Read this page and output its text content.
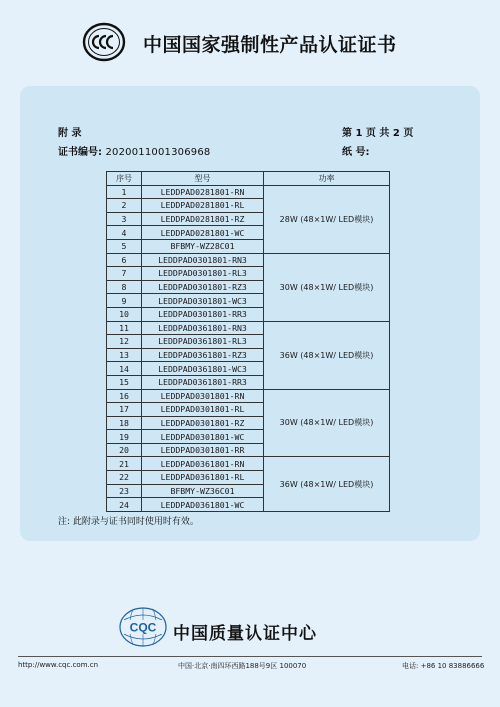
中国国家强制性产品认证证书
附 录	第 1 页 共 2 页
证书编号: 2020011001306968	纸 号:
序号	型号	功率
1	LEDDPAD0281801-RN	28W (48×1W/ LED模块)
2	LEDDPAD0281801-RL	
3	LEDDPAD0281801-RZ	
4	LEDDPAD0281801-WC	
5	BFBMY-WZ28C01	
6	LEDDPAD0301801-RN3	30W (48×1W/ LED模块)
7	LEDDPAD0301801-RL3	
8	LEDDPAD0301801-RZ3	
9	LEDDPAD0301801-WC3	
10	LEDDPAD0301801-RR3	
11	LEDDPAD0361801-RN3	36W (48×1W/ LED模块)
12	LEDDPAD0361801-RL3	
13	LEDDPAD0361801-RZ3	
14	LEDDPAD0361801-WC3	
15	LEDDPAD0361801-RR3	
16	LEDDPAD0301801-RN	30W (48×1W/ LED模块)
17	LEDDPAD0301801-RL	
18	LEDDPAD0301801-RZ	
19	LEDDPAD0301801-WC	
20	LEDDPAD0301801-RR	
21	LEDDPAD0361801-RN	36W (48×1W/ LED模块)
22	LEDDPAD0361801-RL	
23	BFBMY-WZ36C01	
24	LEDDPAD0361801-WC	
注: 此附录与证书同时使用时有效。
CQC 中国质量认证中心
http://www.cqc.com.cn	中国·北京·南四环西路188号9区 100070	电话: +86 10 83886666
